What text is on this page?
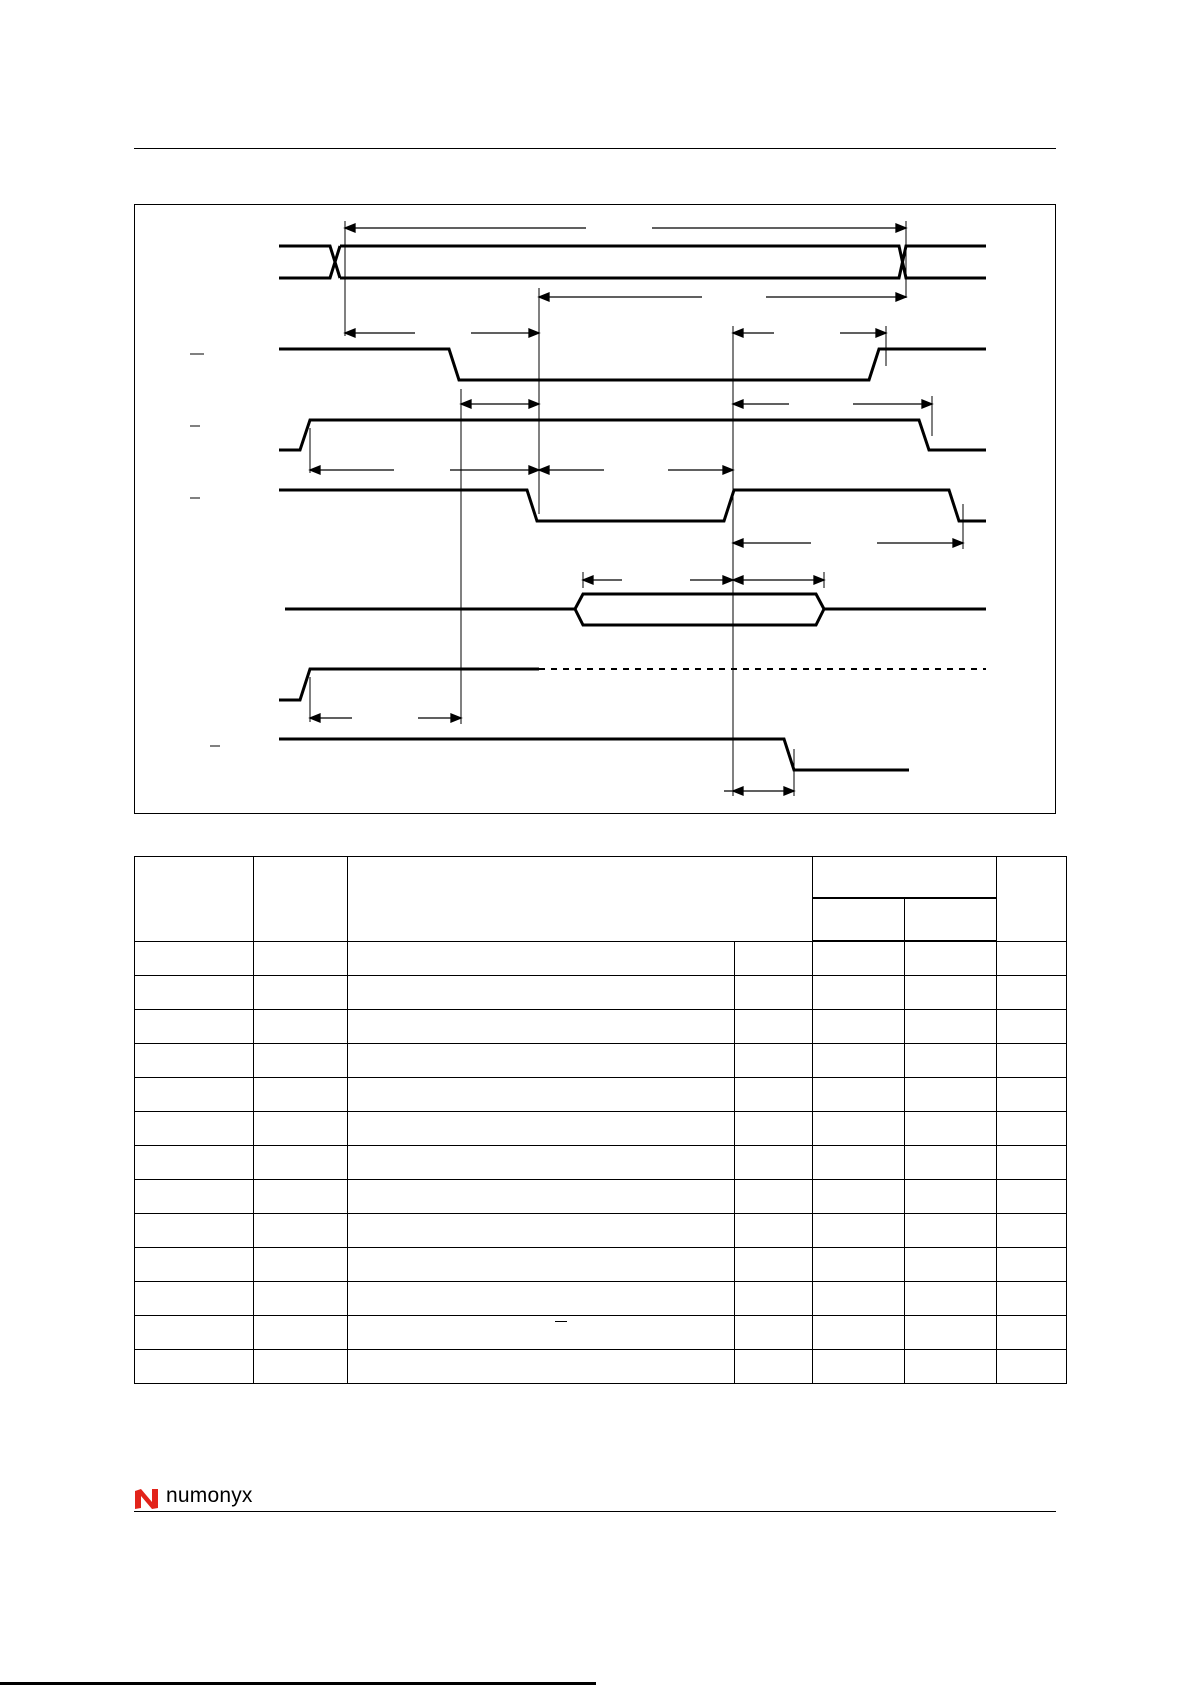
numonyx
